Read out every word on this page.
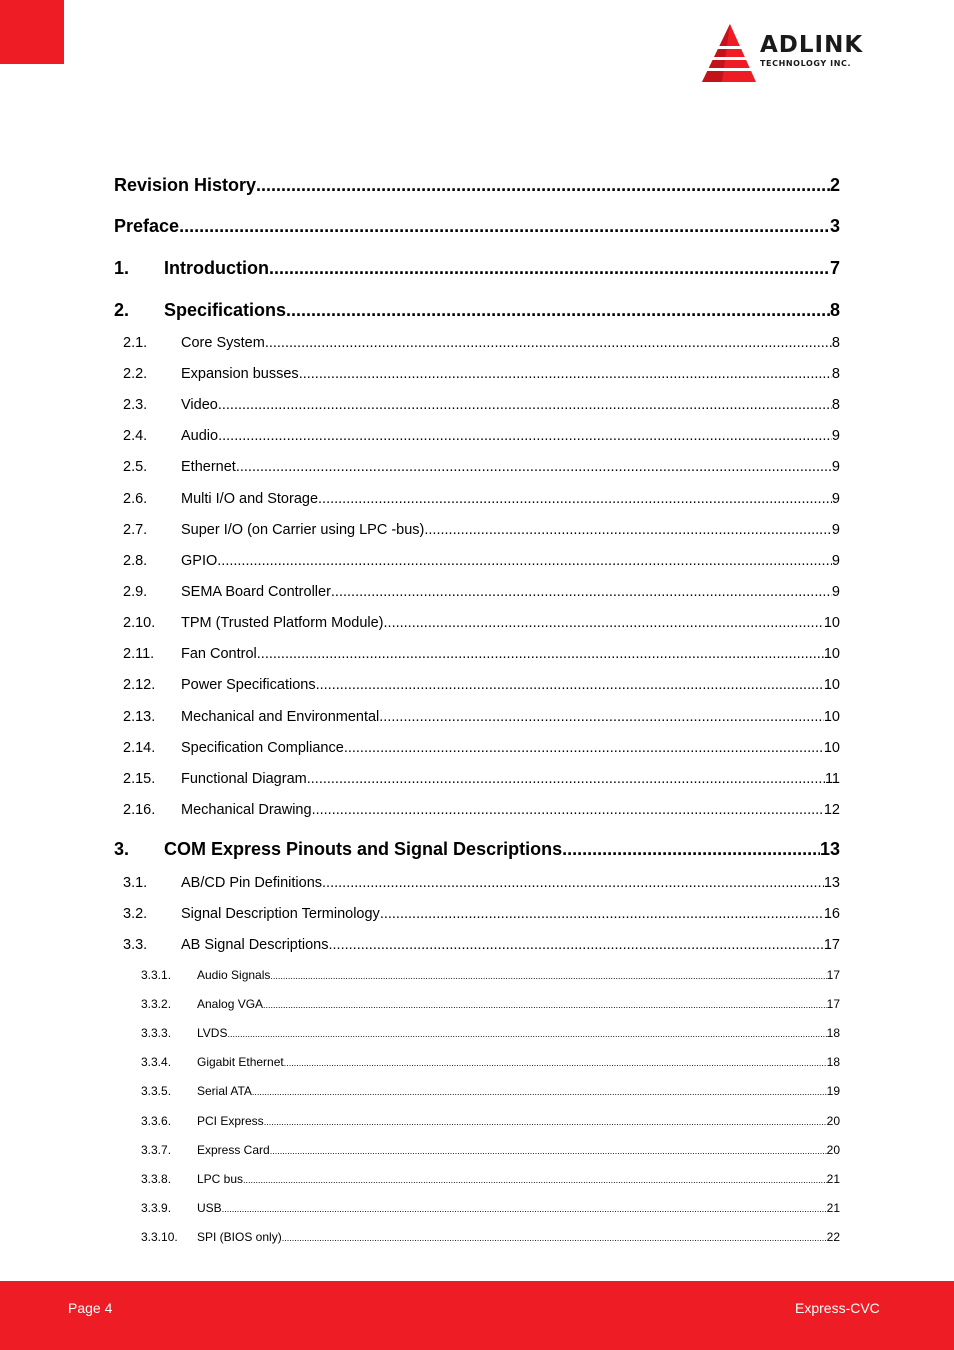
ADLINK
TECHNOLOGY INC.
Revision History .....	2
Preface .....	3
1.	Introduction .....	7
2.	Specifications .....	8
2.1.	Core System .....	8
2.2.	Expansion busses .....	8
2.3.	Video .....	8
2.4.	Audio .....	9
2.5.	Ethernet .....	9
2.6.	Multi I/O and Storage .....	9
2.7.	Super I/O (on Carrier using LPC -bus) .....	9
2.8.	GPIO .....	9
2.9.	SEMA Board Controller .....	9
2.10.	TPM (Trusted Platform Module) .....	10
2.11.	Fan Control .....	10
2.12.	Power Specifications .....	10
2.13.	Mechanical and Environmental .....	10
2.14.	Specification Compliance .....	10
2.15.	Functional Diagram .....	11
2.16.	Mechanical Drawing .....	12
3.	COM Express Pinouts and Signal Descriptions .....	13
3.1.	AB/CD Pin Definitions .....	13
3.2.	Signal Description Terminology .....	16
3.3.	AB Signal Descriptions .....	17
3.3.1.	Audio Signals .....	17
3.3.2.	Analog VGA .....	17
3.3.3.	LVDS .....	18
3.3.4.	Gigabit Ethernet .....	18
3.3.5.	Serial ATA .....	19
3.3.6.	PCI Express .....	20
3.3.7.	Express Card .....	20
3.3.8.	LPC bus .....	21
3.3.9.	USB .....	21
3.3.10.	SPI (BIOS only) .....	22
Page 4	Express-CVC
